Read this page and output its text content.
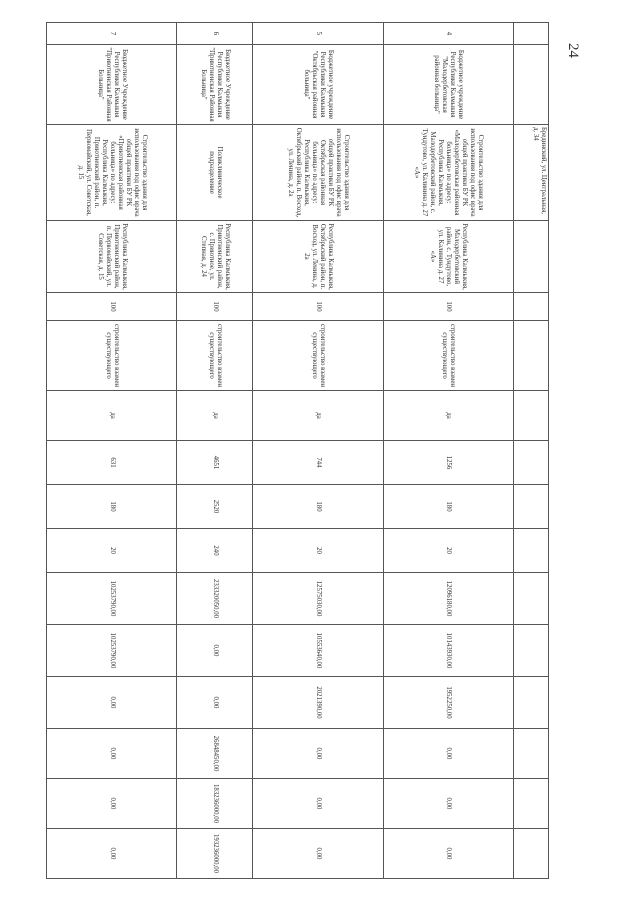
24
		Брединский, ул. Центральная, д. 34													
4	Бюджетное учреждение Республики Калмыкия "Малодербетовская районная больница"	Строительство здания для использования под офис врача общей практики БУ РК «Малодербетовская районная больница» по адресу: Республика Калмыкия, Малодербетовский район, с. Тундутово, ул. Калинина д. 27 «А»	Республика Калмыкия, Малодербетовский район, с. Тундутово, ул. Калинина д. 27 «А»	100	строительство взамен существующего	да	1256	180	20	12096180,00	10143930,00	1952250,00	0,00	0,00	0,00
5	Бюджетное учреждение Республики Калмыкия "Октябрьская районная больница"	Строительство здания для использования под офис врача общей практики БУ РК Октябрьская районная больница» по адресу: Республика Калмыкия, Октябрьский район, п. Восход, ул. Ленина, д. 2а	Республика Калмыкия, Октябрьский район, п. Восход, ул. Ленина, д. 2а	100	строительство взамен существующего	да	744	180	20	12575030,00	10553640,00	2021390,00	0,00	0,00	0,00
6	Бюджетное Учреждение Республики Калмыкия "Приютненская Районная Больница"	Поликлиническое подразделение	Республика Калмыкия, Приютненский район, с. Приютное, ул. Степная, д. 24	100	строительство взамен существующего	да	4651	2520	240	233320050,00	0,00	0,00	26848450,00	183236000,00	193236000,00
7	Бюджетное Учреждение Республики Калмыкия "Приютненская Районная Больница"	Строительство здания для использования под офис врача общей практики БУ РК «Приютненская районная больница» по адресу: Республика Калмыкия, Приютненский район, п. Первомайский, ул. Советская, д. 15	Республика Калмыкия, Приютненский район, п. Первомайский, ул. Советская, д. 15	100	строительство взамен существующего	да	631	180	20	10253790,00	10253790,00	0,00	0,00	0,00	0,00
